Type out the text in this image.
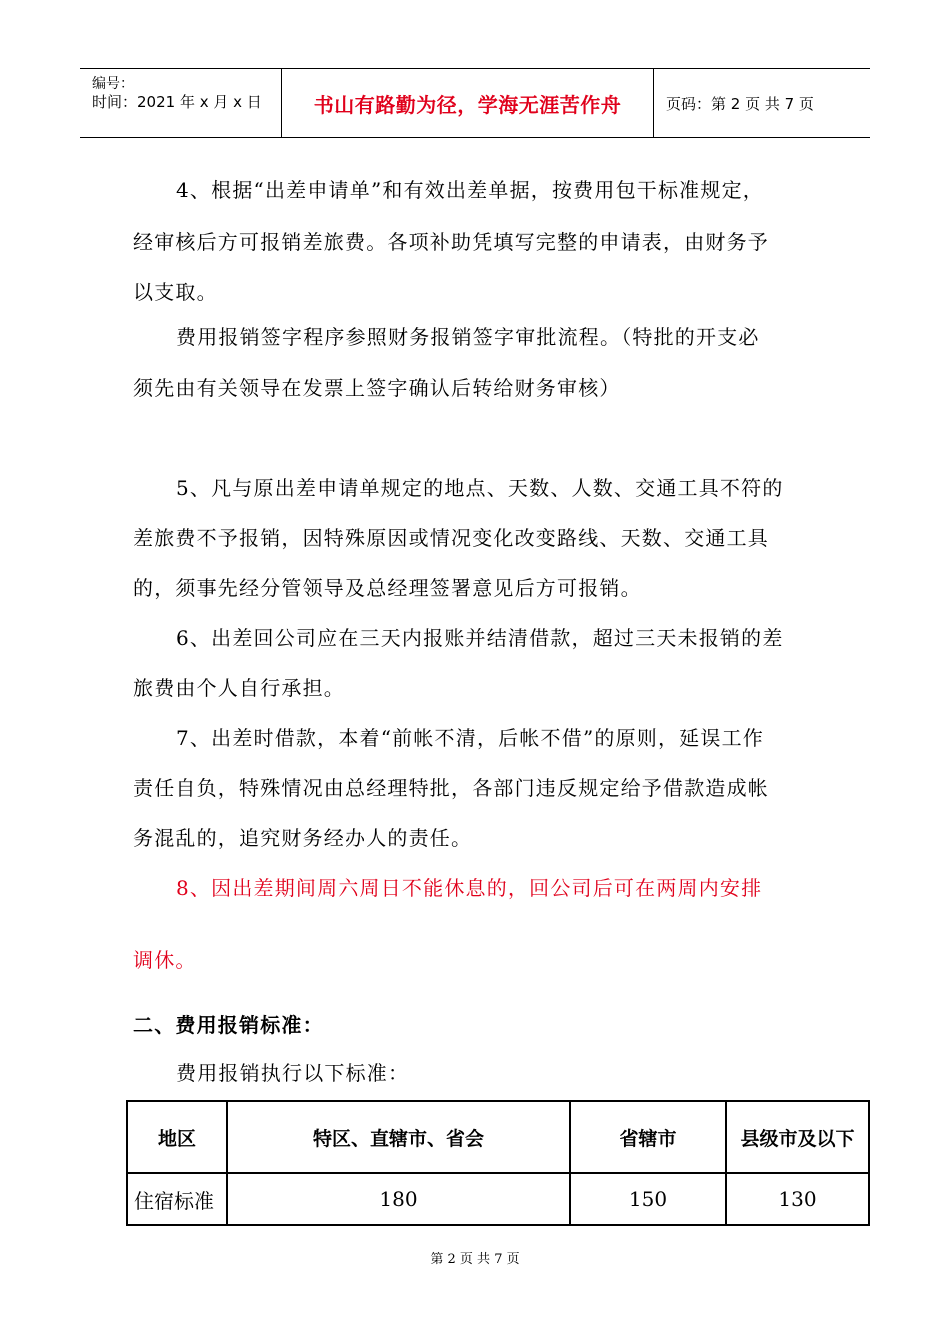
编号：
时间：2021 年 x 月 x 日	书山有路勤为径，学海无涯苦作舟	页码：第 2 页 共 7 页
4、根据“出差申请单”和有效出差单据，按费用包干标准规定，
经审核后方可报销差旅费。各项补助凭填写完整的申请表，由财务予
以支取。
费用报销签字程序参照财务报销签字审批流程。（特批的开支必
须先由有关领导在发票上签字确认后转给财务审核）
5、凡与原出差申请单规定的地点、天数、人数、交通工具不符的
差旅费不予报销，因特殊原因或情况变化改变路线、天数、交通工具
的，须事先经分管领导及总经理签署意见后方可报销。
6、出差回公司应在三天内报账并结清借款，超过三天未报销的差
旅费由个人自行承担。
7、出差时借款，本着“前帐不清，后帐不借”的原则，延误工作
责任自负，特殊情况由总经理特批，各部门违反规定给予借款造成帐
务混乱的，追究财务经办人的责任。
8、因出差期间周六周日不能休息的，回公司后可在两周内安排
调休。
二、费用报销标准：
费用报销执行以下标准：
地区	特区、直辖市、省会	省辖市	县级市及以下
住宿标准	180	150	130
第 2 页 共 7 页
